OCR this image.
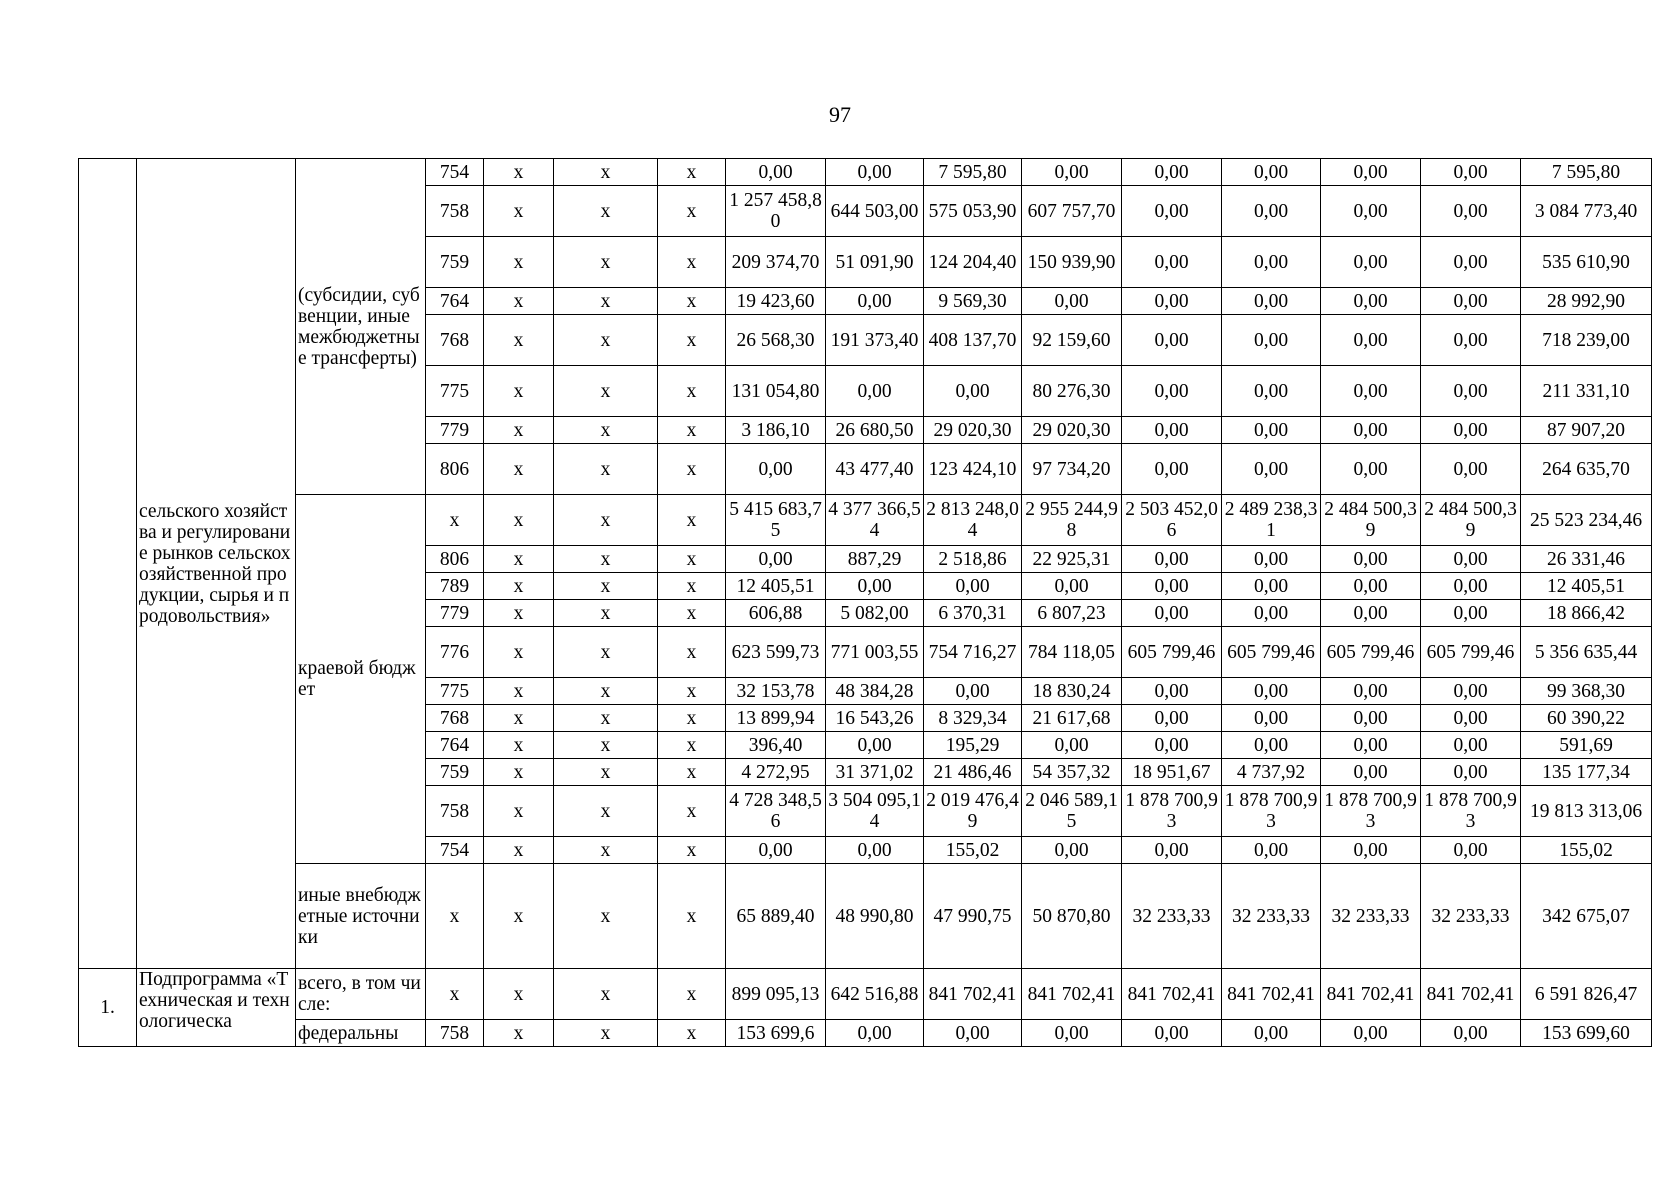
97
	сельского хозяйства и регулирование рынков сельскохозяйственной продукции, сырья и продовольствия»	(субсидии, субвенции, иные межбюджетные трансферты)	754	х	х	х	0,00	0,00	7 595,80	0,00	0,00	0,00	0,00	0,00	7 595,80
			758	х	х	х	1 257 458,80	644 503,00	575 053,90	607 757,70	0,00	0,00	0,00	0,00	3 084 773,40
			759	х	х	х	209 374,70	51 091,90	124 204,40	150 939,90	0,00	0,00	0,00	0,00	535 610,90
			764	х	х	х	19 423,60	0,00	9 569,30	0,00	0,00	0,00	0,00	0,00	28 992,90
			768	х	х	х	26 568,30	191 373,40	408 137,70	92 159,60	0,00	0,00	0,00	0,00	718 239,00
			775	х	х	х	131 054,80	0,00	0,00	80 276,30	0,00	0,00	0,00	0,00	211 331,10
			779	х	х	х	3 186,10	26 680,50	29 020,30	29 020,30	0,00	0,00	0,00	0,00	87 907,20
			806	х	х	х	0,00	43 477,40	123 424,10	97 734,20	0,00	0,00	0,00	0,00	264 635,70
		краевой бюджет	х	х	х	х	5 415 683,75	4 377 366,54	2 813 248,04	2 955 244,98	2 503 452,06	2 489 238,31	2 484 500,39	2 484 500,39	25 523 234,46
			806	х	х	х	0,00	887,29	2 518,86	22 925,31	0,00	0,00	0,00	0,00	26 331,46
			789	х	х	х	12 405,51	0,00	0,00	0,00	0,00	0,00	0,00	0,00	12 405,51
			779	х	х	х	606,88	5 082,00	6 370,31	6 807,23	0,00	0,00	0,00	0,00	18 866,42
			776	х	х	х	623 599,73	771 003,55	754 716,27	784 118,05	605 799,46	605 799,46	605 799,46	605 799,46	5 356 635,44
			775	х	х	х	32 153,78	48 384,28	0,00	18 830,24	0,00	0,00	0,00	0,00	99 368,30
			768	х	х	х	13 899,94	16 543,26	8 329,34	21 617,68	0,00	0,00	0,00	0,00	60 390,22
			764	х	х	х	396,40	0,00	195,29	0,00	0,00	0,00	0,00	0,00	591,69
			759	х	х	х	4 272,95	31 371,02	21 486,46	54 357,32	18 951,67	4 737,92	0,00	0,00	135 177,34
			758	х	х	х	4 728 348,56	3 504 095,14	2 019 476,49	2 046 589,15	1 878 700,93	1 878 700,93	1 878 700,93	1 878 700,93	19 813 313,06
			754	х	х	х	0,00	0,00	155,02	0,00	0,00	0,00	0,00	0,00	155,02
		иные внебюджетные источники	х	х	х	х	65 889,40	48 990,80	47 990,75	50 870,80	32 233,33	32 233,33	32 233,33	32 233,33	342 675,07
1.	Подпрограмма «Техническая и технологическа	всего, в том числе:	х	х	х	х	899 095,13	642 516,88	841 702,41	841 702,41	841 702,41	841 702,41	841 702,41	841 702,41	6 591 826,47
		федеральны	758	х	х	х	153 699,6	0,00	0,00	0,00	0,00	0,00	0,00	0,00	153 699,60
